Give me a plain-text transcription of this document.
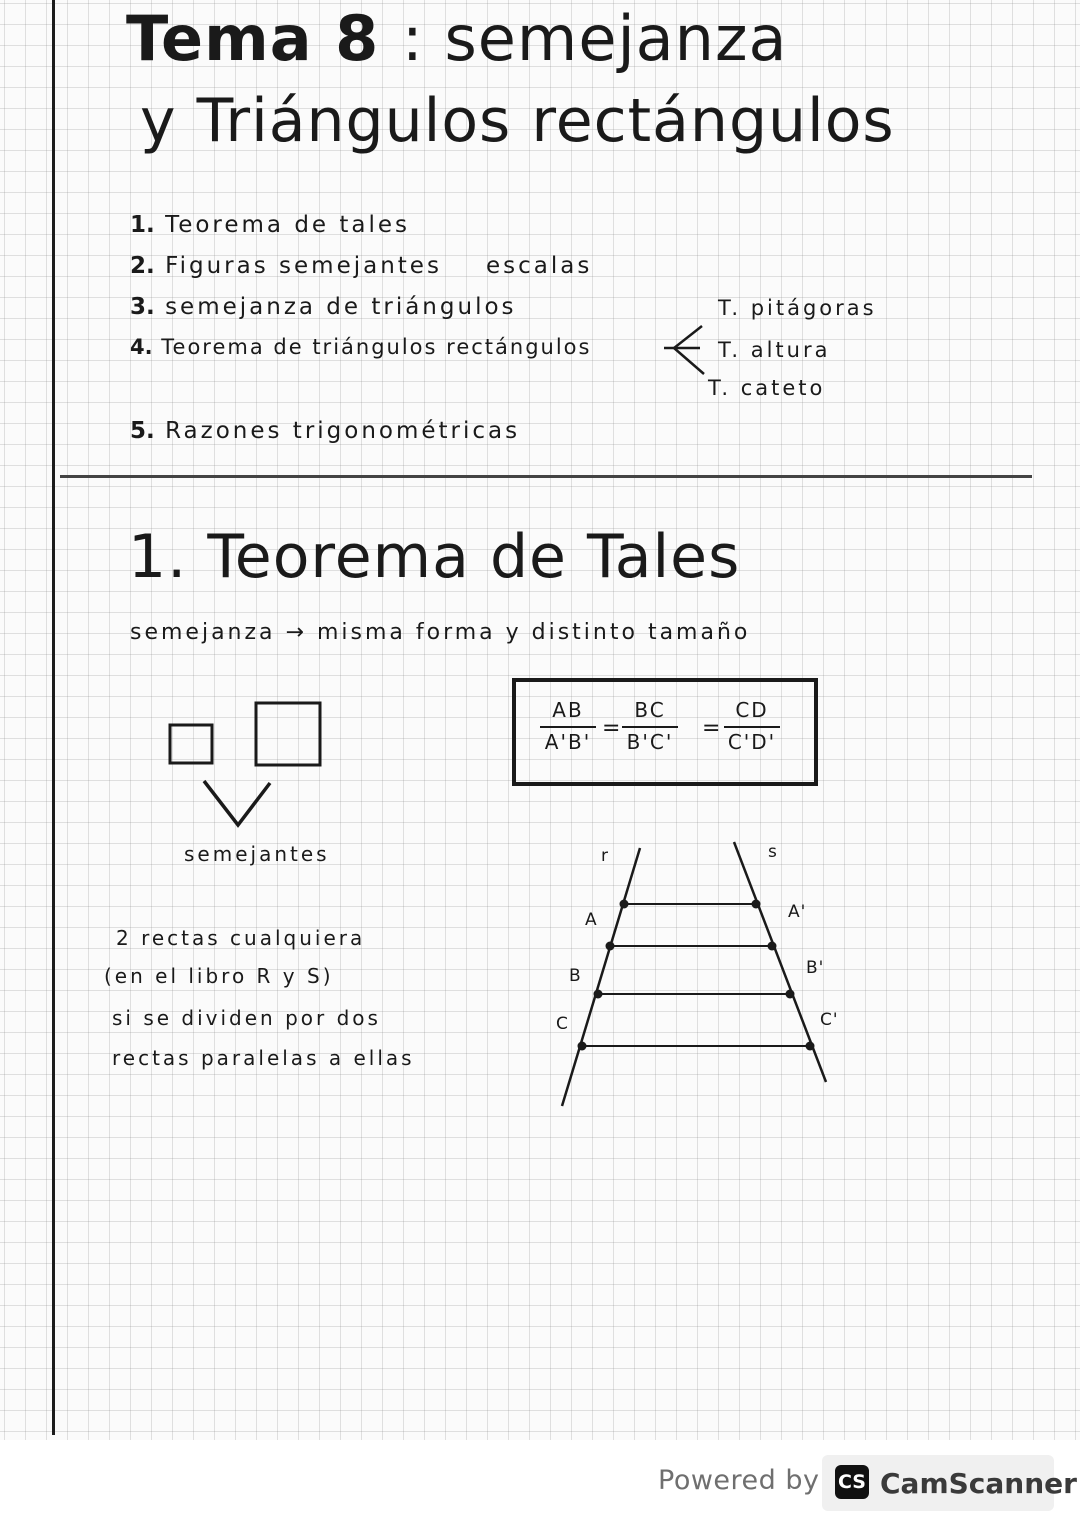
Tema 8 : semejanza
y Triángulos rectángulos
1. Teorema de tales
2. Figuras semejantes escalas
3. semejanza de triángulos
4. Teorema de triángulos rectángulos
5. Razones trigonométricas
T. pitágoras
T. altura
T. cateto
1. Teorema de Tales
semejanza → misma forma y distinto tamaño
semejantes
AB
A'B'
=
BC
B'C'
=
CD
C'D'
r	s
A
B
C
A'
B'
C'
2 rectas cualquiera
(en el libro R y S)
si se dividen por dos
rectas paralelas a ellas
Powered by CS CamScanner
